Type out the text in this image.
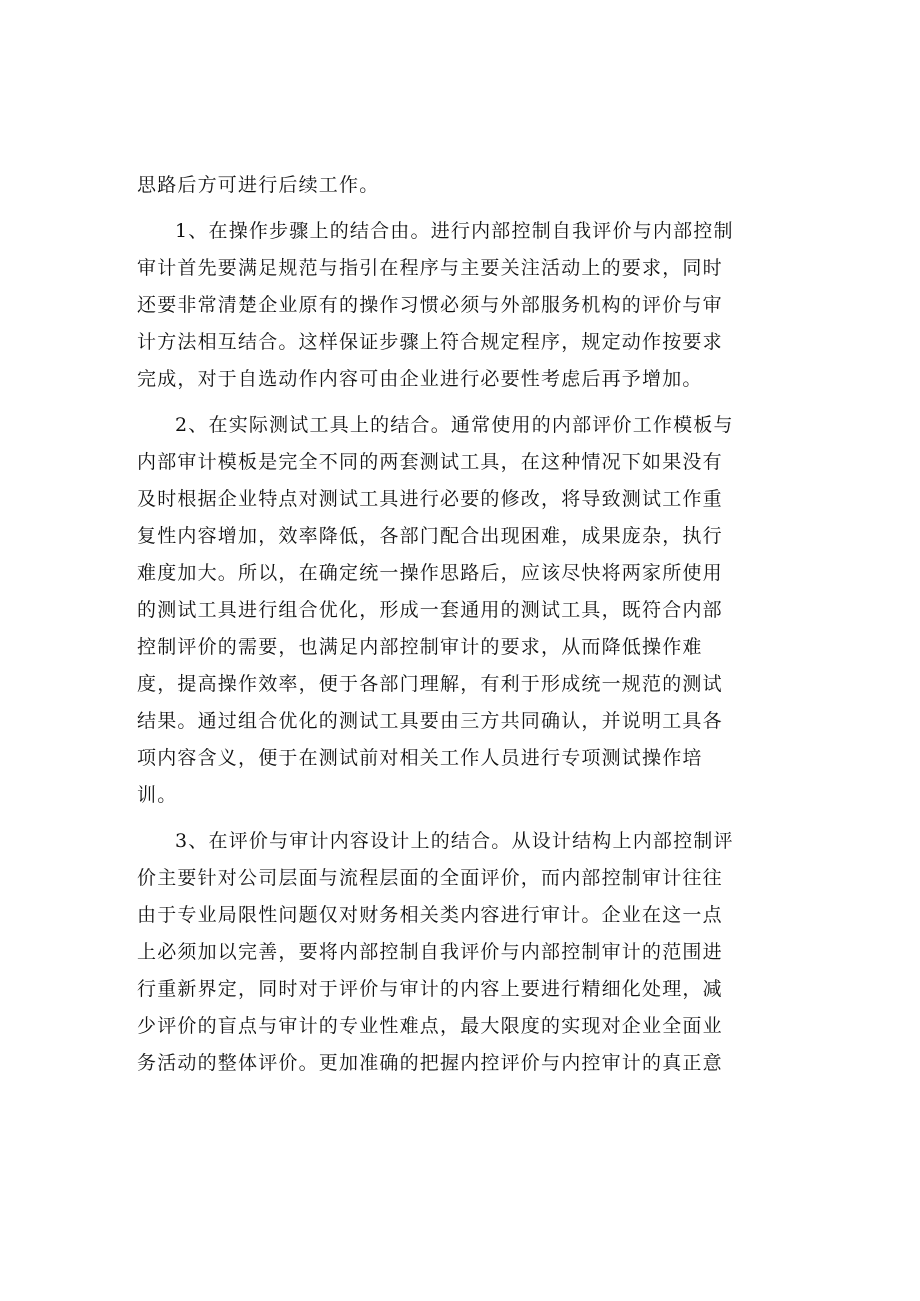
思路后方可进行后续工作。
1、在操作步骤上的结合由。进行内部控制自我评价与内部控制
审计首先要满足规范与指引在程序与主要关注活动上的要求，同时
还要非常清楚企业原有的操作习惯必须与外部服务机构的评价与审
计方法相互结合。这样保证步骤上符合规定程序，规定动作按要求
完成，对于自选动作内容可由企业进行必要性考虑后再予增加。
2、在实际测试工具上的结合。通常使用的内部评价工作模板与
内部审计模板是完全不同的两套测试工具，在这种情况下如果没有
及时根据企业特点对测试工具进行必要的修改，将导致测试工作重
复性内容增加，效率降低，各部门配合出现困难，成果庞杂，执行
难度加大。所以，在确定统一操作思路后，应该尽快将两家所使用
的测试工具进行组合优化，形成一套通用的测试工具，既符合内部
控制评价的需要，也满足内部控制审计的要求，从而降低操作难
度，提高操作效率，便于各部门理解，有利于形成统一规范的测试
结果。通过组合优化的测试工具要由三方共同确认，并说明工具各
项内容含义，便于在测试前对相关工作人员进行专项测试操作培
训。
3、在评价与审计内容设计上的结合。从设计结构上内部控制评
价主要针对公司层面与流程层面的全面评价，而内部控制审计往往
由于专业局限性问题仅对财务相关类内容进行审计。企业在这一点
上必须加以完善，要将内部控制自我评价与内部控制审计的范围进
行重新界定，同时对于评价与审计的内容上要进行精细化处理，减
少评价的盲点与审计的专业性难点，最大限度的实现对企业全面业
务活动的整体评价。更加准确的把握内控评价与内控审计的真正意
